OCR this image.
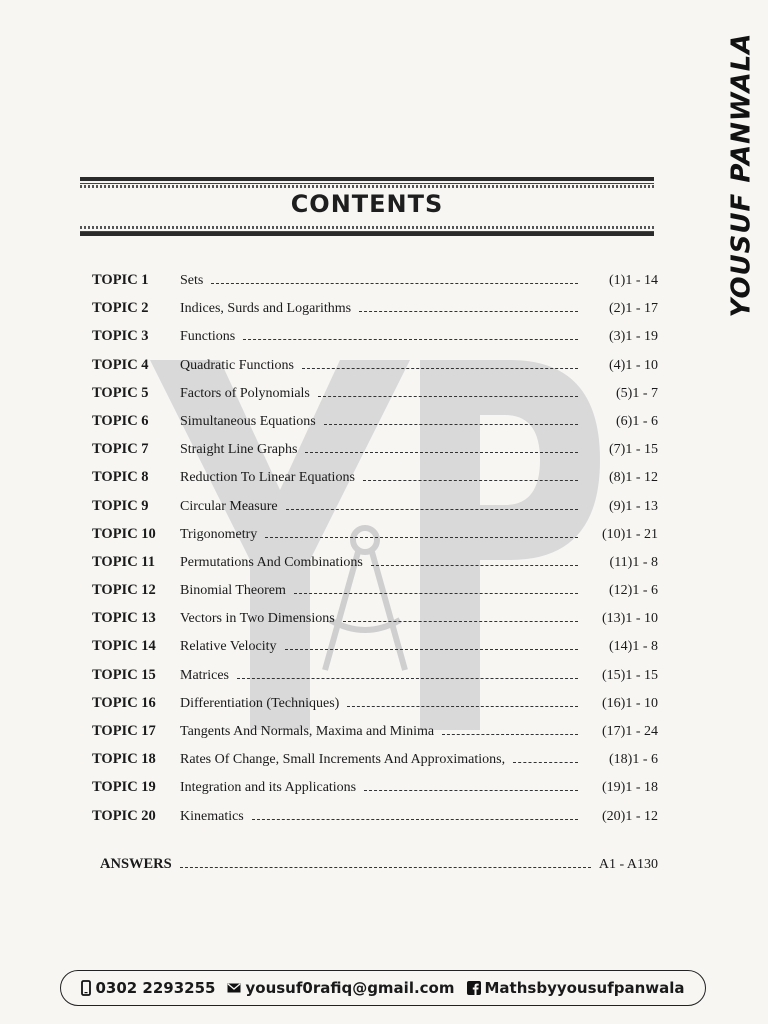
YOUSUF PANWALA
CONTENTS
TOPIC 1	Sets	(1)1 - 14
TOPIC 2	Indices, Surds and Logarithms	(2)1 - 17
TOPIC 3	Functions	(3)1 - 19
TOPIC 4	Quadratic Functions	(4)1 - 10
TOPIC 5	Factors of Polynomials	(5)1 - 7
TOPIC 6	Simultaneous Equations	(6)1 - 6
TOPIC 7	Straight Line Graphs	(7)1 - 15
TOPIC 8	Reduction To Linear Equations	(8)1 - 12
TOPIC 9	Circular Measure	(9)1 - 13
TOPIC 10	Trigonometry	(10)1 - 21
TOPIC 11	Permutations And Combinations	(11)1 - 8
TOPIC 12	Binomial Theorem	(12)1 - 6
TOPIC 13	Vectors in Two Dimensions	(13)1 - 10
TOPIC 14	Relative Velocity	(14)1 - 8
TOPIC 15	Matrices	(15)1 - 15
TOPIC 16	Differentiation (Techniques)	(16)1 - 10
TOPIC 17	Tangents And Normals, Maxima and Minima	(17)1 - 24
TOPIC 18	Rates Of Change, Small Increments And Approximations,	(18)1 - 6
TOPIC 19	Integration and its Applications	(19)1 - 18
TOPIC 20	Kinematics	(20)1 - 12
ANSWERS	A1 - A130
0302 2293255 yousuf0rafiq@gmail.com Mathsbyyousufpanwala
